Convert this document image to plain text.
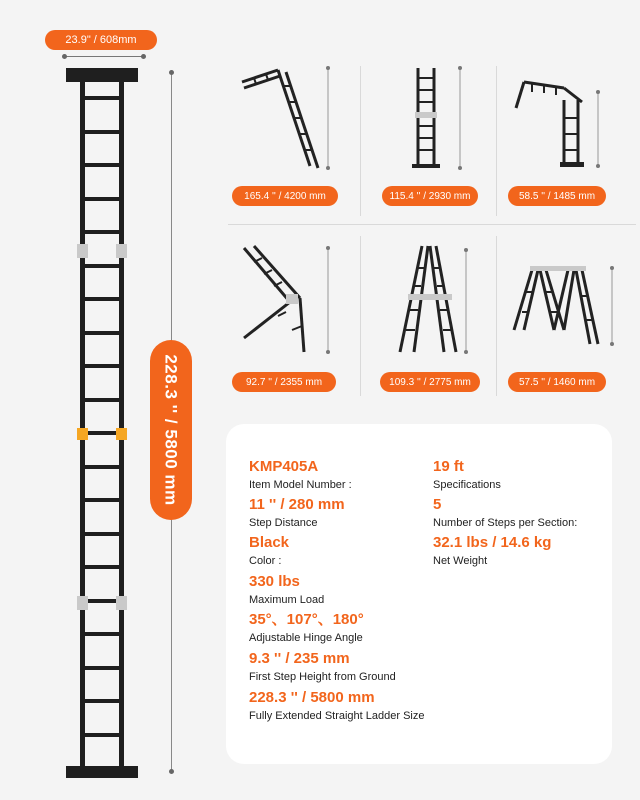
23.9" / 608mm
228.3 '' / 5800 mm
165.4 '' / 4200 mm	115.4 '' / 2930 mm	58.5 '' / 1485 mm
92.7 '' / 2355 mm	109.3 '' / 2775 mm	57.5 '' / 1460 mm
KMP405A
Item Model Number :
19 ft
Specifications
11 '' / 280 mm
Step Distance
5
Number of Steps per Section:
Black
Color :
32.1 lbs / 14.6 kg
Net Weight
330 lbs
Maximum Load
35°、107°、180°
Adjustable Hinge Angle
9.3 '' / 235 mm
First Step Height from Ground
228.3 '' / 5800 mm
Fully Extended Straight Ladder Size
